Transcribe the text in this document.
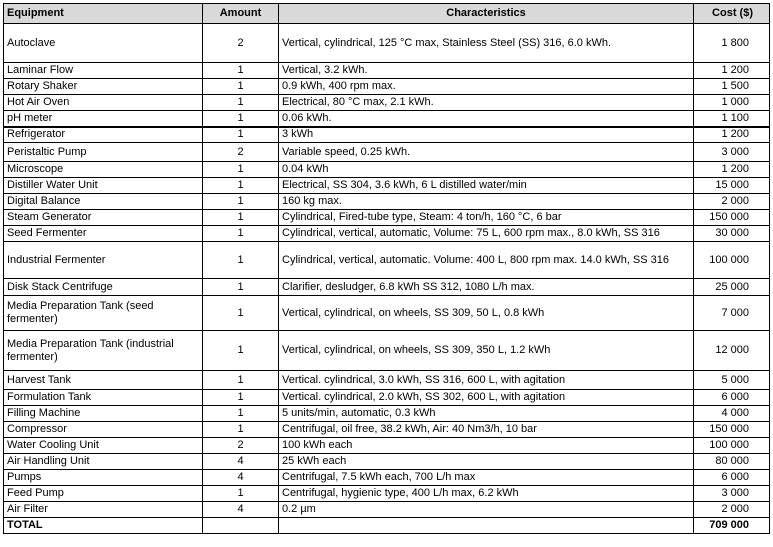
Equipment	Amount	Characteristics	Cost ($)
Autoclave	2	Vertical, cylindrical, 125 °C max, Stainless Steel (SS) 316, 6.0 kWh.	1 800
Laminar Flow	1	Vertical, 3.2 kWh.	1 200
Rotary Shaker	1	0.9 kWh, 400 rpm max.	1 500
Hot Air Oven	1	Electrical, 80 °C max, 2.1 kWh.	1 000
pH meter	1	0.06 kWh.	1 100
Refrigerator	1	3 kWh	1 200
Peristaltic Pump	2	Variable speed, 0.25 kWh.	3 000
Microscope	1	0.04 kWh	1 200
Distiller Water Unit	1	Electrical, SS 304, 3.6 kWh, 6 L distilled water/min	15 000
Digital Balance	1	160 kg max.	2 000
Steam Generator	1	Cylindrical, Fired-tube type, Steam: 4 ton/h, 160 °C, 6 bar	150 000
Seed Fermenter	1	Cylindrical, vertical, automatic, Volume: 75 L, 600 rpm max., 8.0 kWh, SS 316	30 000
Industrial Fermenter	1	Cylindrical, vertical, automatic. Volume: 400 L, 800 rpm max. 14.0 kWh, SS 316	100 000
Disk Stack Centrifuge	1	Clarifier, desludger, 6.8 kWh SS 312, 1080 L/h max.	25 000
Media Preparation Tank (seed fermenter)	1	Vertical, cylindrical, on wheels, SS 309, 50 L, 0.8 kWh	7 000
Media Preparation Tank (industrial fermenter)	1	Vertical, cylindrical, on wheels, SS 309, 350 L, 1.2 kWh	12 000
Harvest Tank	1	Vertical. cylindrical, 3.0 kWh, SS 316, 600 L, with agitation	5 000
Formulation Tank	1	Vertical. cylindrical, 2.0 kWh, SS 302, 600 L, with agitation	6 000
Filling Machine	1	5 units/min, automatic, 0.3 kWh	4 000
Compressor	1	Centrifugal, oil free, 38.2 kWh, Air: 40 Nm3/h, 10 bar	150 000
Water Cooling Unit	2	100 kWh each	100 000
Air Handling Unit	4	25 kWh each	80 000
Pumps	4	Centrifugal, 7.5 kWh each, 700 L/h max	6 000
Feed Pump	1	Centrifugal, hygienic type, 400 L/h max, 6.2 kWh	3 000
Air Filter	4	0.2 µm	2 000
TOTAL			709 000
